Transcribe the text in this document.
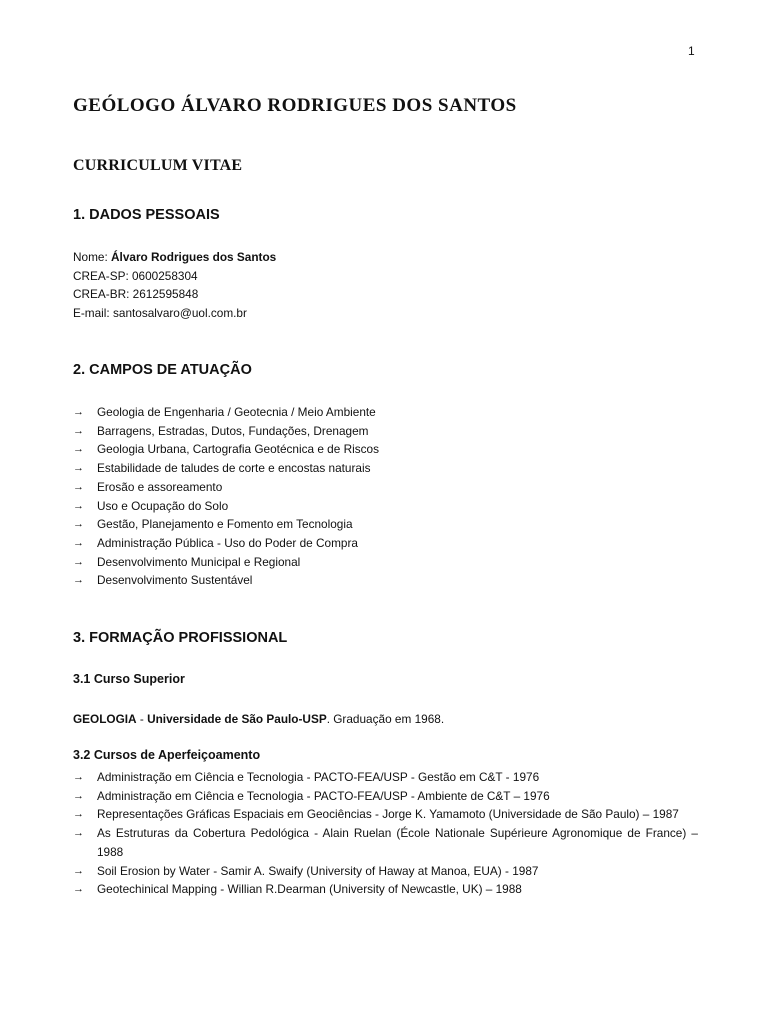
1
GEÓLOGO ÁLVARO RODRIGUES DOS SANTOS
CURRICULUM VITAE
1. DADOS PESSOAIS
Nome: Álvaro Rodrigues dos Santos
CREA-SP: 0600258304
CREA-BR: 2612595848
E-mail: santosalvaro@uol.com.br
2. CAMPOS DE ATUAÇÃO
→ Geologia de Engenharia / Geotecnia / Meio Ambiente
→ Barragens, Estradas, Dutos, Fundações, Drenagem
→ Geologia Urbana, Cartografia Geotécnica e de Riscos
→ Estabilidade de taludes de corte e encostas naturais
→ Erosão e assoreamento
→ Uso e Ocupação do Solo
→ Gestão, Planejamento e Fomento em Tecnologia
→ Administração Pública - Uso do Poder de Compra
→ Desenvolvimento Municipal e Regional
→ Desenvolvimento Sustentável
3. FORMAÇÃO PROFISSIONAL
3.1 Curso Superior
GEOLOGIA - Universidade de São Paulo-USP. Graduação em 1968.
3.2 Cursos de Aperfeiçoamento
→ Administração em Ciência e Tecnologia - PACTO-FEA/USP - Gestão em C&T - 1976
→ Administração em Ciência e Tecnologia - PACTO-FEA/USP - Ambiente de C&T – 1976
→ Representações Gráficas Espaciais em Geociências - Jorge K. Yamamoto (Universidade de São Paulo) – 1987
→ As Estruturas da Cobertura Pedológica - Alain Ruelan (École Nationale Supérieure Agronomique de France) – 1988
→ Soil Erosion by Water - Samir A. Swaify (University of Haway at Manoa, EUA) - 1987
→ Geotechinical Mapping - Willian R.Dearman (University of Newcastle, UK) – 1988
